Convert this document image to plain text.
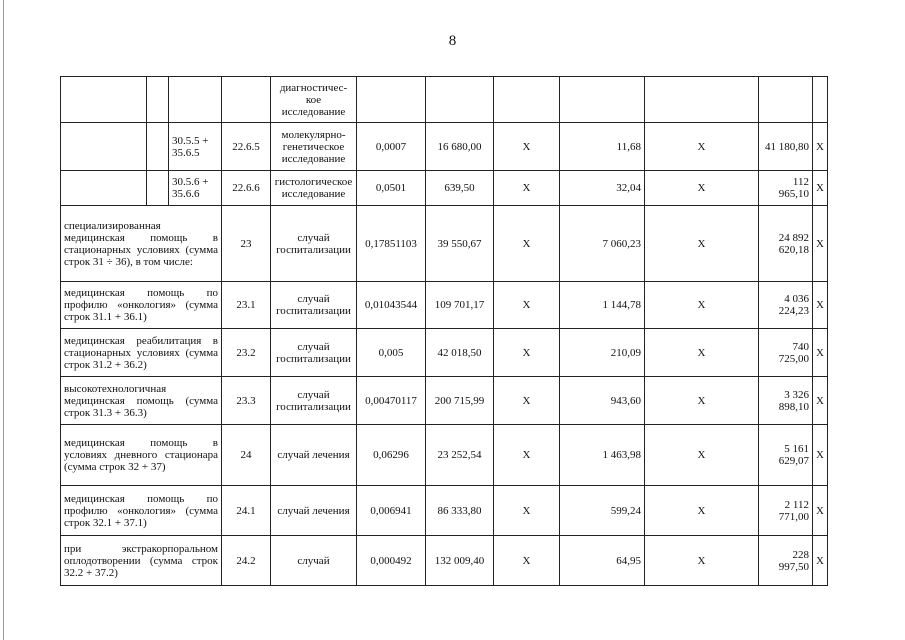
8
				диагностичес-кое исследование							
		30.5.5 + 35.6.5	22.6.5	молекулярно-генетическое исследование	0,0007	16 680,00	X	11,68	X	41 180,80	X
		30.5.6 + 35.6.6	22.6.6	гистологическое исследование	0,0501	639,50	X	32,04	X	112 965,10	X
специализированная медицинская помощь в стационарных условиях (сумма строк 31 ÷ 36), в том числе:			23	случай госпитализации	0,17851103	39 550,67	X	7 060,23	X	24 892 620,18	X
медицинская помощь по профилю «онкология» (сумма строк 31.1 + 36.1)			23.1	случай госпитализации	0,01043544	109 701,17	X	1 144,78	X	4 036 224,23	X
медицинская реабилитация в стационарных условиях (сумма строк 31.2 + 36.2)			23.2	случай госпитализации	0,005	42 018,50	X	210,09	X	740 725,00	X
высокотехнологичная медицинская помощь (сумма строк 31.3 + 36.3)			23.3	случай госпитализации	0,00470117	200 715,99	X	943,60	X	3 326 898,10	X
медицинская помощь в условиях дневного стационара (сумма строк 32 + 37)			24	случай лечения	0,06296	23 252,54	X	1 463,98	X	5 161 629,07	X
медицинская помощь по профилю «онкология» (сумма строк 32.1 + 37.1)			24.1	случай лечения	0,006941	86 333,80	X	599,24	X	2 112 771,00	X
при экстракорпоральном оплодотворении (сумма строк 32.2 + 37.2)			24.2	случай	0,000492	132 009,40	X	64,95	X	228 997,50	X
